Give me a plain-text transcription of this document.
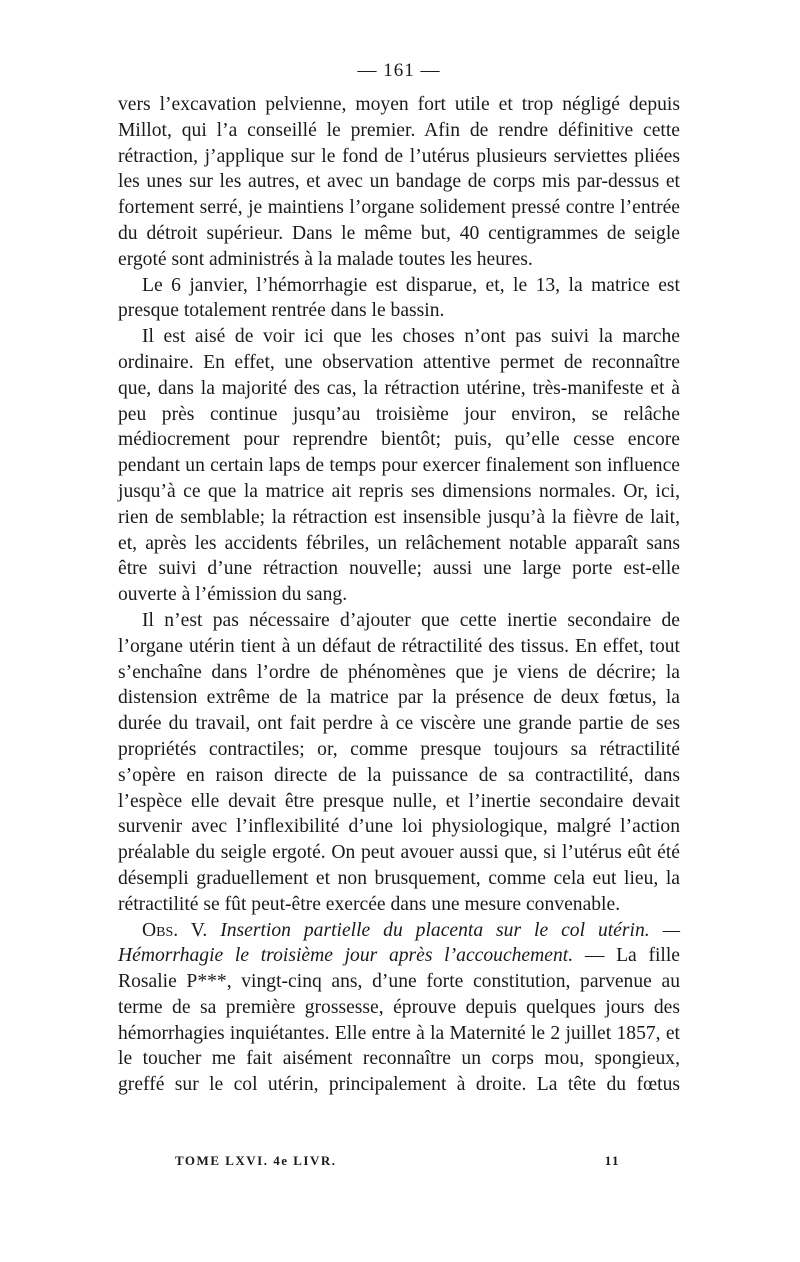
— 161 —

vers l’excavation pelvienne, moyen fort utile et trop négligé depuis Millot, qui l’a conseillé le premier. Afin de rendre définitive cette rétraction, j’applique sur le fond de l’utérus plusieurs serviettes pliées les unes sur les autres, et avec un bandage de corps mis par-dessus et fortement serré, je maintiens l’organe solidement pressé contre l’entrée du détroit supérieur. Dans le même but, 40 centigrammes de seigle ergoté sont administrés à la malade toutes les heures.

Le 6 janvier, l’hémorrhagie est disparue, et, le 13, la matrice est presque totalement rentrée dans le bassin.

Il est aisé de voir ici que les choses n’ont pas suivi la marche ordinaire. En effet, une observation attentive permet de reconnaître que, dans la majorité des cas, la rétraction utérine, très-manifeste et à peu près continue jusqu’au troisième jour environ, se relâche médiocrement pour reprendre bientôt; puis, qu’elle cesse encore pendant un certain laps de temps pour exercer finalement son influence jusqu’à ce que la matrice ait repris ses dimensions normales. Or, ici, rien de semblable; la rétraction est insensible jusqu’à la fièvre de lait, et, après les accidents fébriles, un relâchement notable apparaît sans être suivi d’une rétraction nouvelle; aussi une large porte est-elle ouverte à l’émission du sang.

Il n’est pas nécessaire d’ajouter que cette inertie secondaire de l’organe utérin tient à un défaut de rétractilité des tissus. En effet, tout s’enchaîne dans l’ordre de phénomènes que je viens de décrire; la distension extrême de la matrice par la présence de deux fœtus, la durée du travail, ont fait perdre à ce viscère une grande partie de ses propriétés contractiles; or, comme presque toujours sa rétractilité s’opère en raison directe de la puissance de sa contractilité, dans l’espèce elle devait être presque nulle, et l’inertie secondaire devait survenir avec l’inflexibilité d’une loi physiologique, malgré l’action préalable du seigle ergoté. On peut avouer aussi que, si l’utérus eût été désempli graduellement et non brusquement, comme cela eut lieu, la rétractilité se fût peut-être exercée dans une mesure convenable.

Obs. V. Insertion partielle du placenta sur le col utérin. — Hémorrhagie le troisième jour après l’accouchement. — La fille Rosalie P***, vingt-cinq ans, d’une forte constitution, parvenue au terme de sa première grossesse, éprouve depuis quelques jours des hémorrhagies inquiétantes. Elle entre à la Maternité le 2 juillet 1857, et le toucher me fait aisément reconnaître un corps mou, spongieux, greffé sur le col utérin, principalement à droite. La tête du fœtus

TOME LXVI. 4e LIVR.	11
